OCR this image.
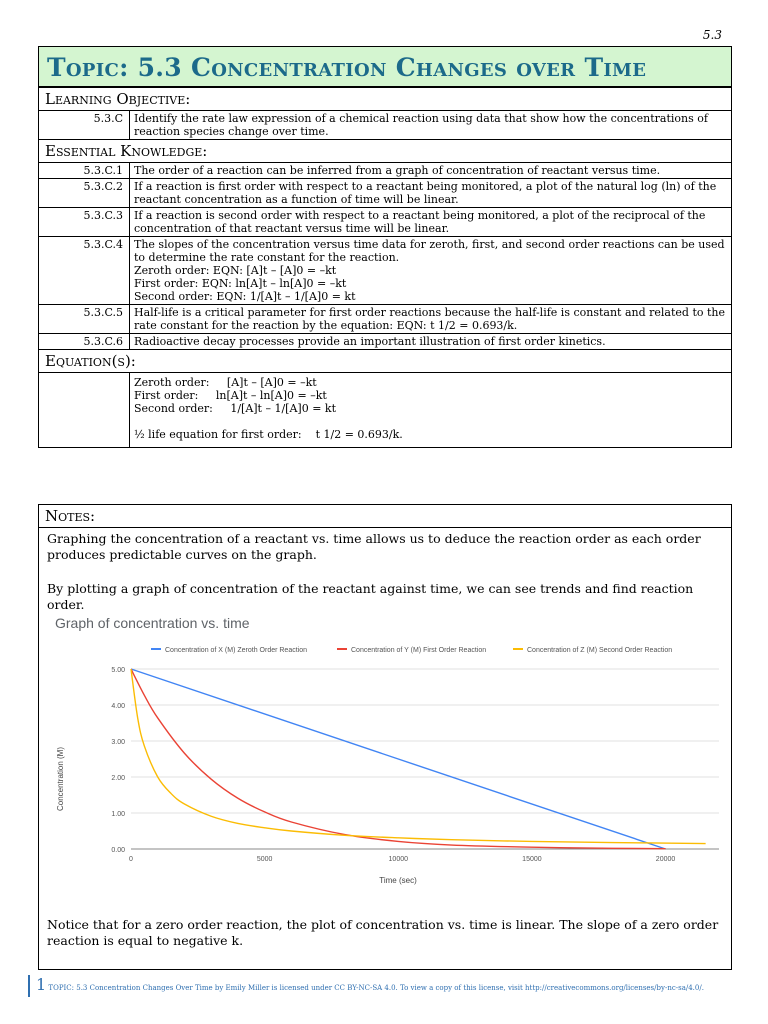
5.3
Topic: 5.3 Concentration Changes over Time
Learning Objective:	
5.3.C	Identify the rate law expression of a chemical reaction using data that show how the concentrations of reaction species change over time.
Essential Knowledge:	
5.3.C.1	The order of a reaction can be inferred from a graph of concentration of reactant versus time.

5.3.C.2	If a reaction is first order with respect to a reactant being monitored, a plot of the natural log (ln) of the reactant concentration as a function of time will be linear.

5.3.C.3	If a reaction is second order with respect to a reactant being monitored, a plot of the reciprocal of the concentration of that reactant versus time will be linear.

5.3.C.4	The slopes of the concentration versus time data for zeroth, first, and second order reactions can be used to determine the rate constant for the reaction.
Zeroth order: EQN: [A]t – [A]0 = –kt
First order: EQN: ln[A]t – ln[A]0 = –kt
Second order: EQN: 1/[A]t – 1/[A]0 = kt

5.3.C.5	Half-life is a critical parameter for first order reactions because the half-life is constant and related to the rate constant for the reaction by the equation: EQN: t 1/2 = 0.693/k.

5.3.C.6	Radioactive decay processes provide an important illustration of first order kinetics.

Equation(s):	

	Zeroth order:     [A]t – [A]0 = –kt
First order:     ln[A]t – ln[A]0 = –kt
Second order:     1/[A]t – 1/[A]0 = kt
½ life equation for first order:    t 1/2 = 0.693/k.
Notes:
Graphing the concentration of a reactant vs. time allows us to deduce the reaction order as each order produces predictable curves on the graph.
By plotting a graph of concentration of the reactant against time, we can see trends and find reaction order.
Graph of concentration vs. time
Concentration of X (M) Zeroth Order Reaction	Concentration of Y (M) First Order Reaction	Concentration of Z (M) Second Order Reaction
0.00
1.00
2.00
3.00
4.00
5.00
0	5000	10000	15000	20000
Time (sec)
Concentration (M)
Notice that for a zero order reaction, the plot of concentration vs. time is linear. The slope of a zero order reaction is equal to negative k.
1 TOPIC: 5.3 Concentration Changes Over Time by Emily Miller is licensed under CC BY-NC-SA 4.0. To view a copy of this license, visit http://creativecommons.org/licenses/by-nc-sa/4.0/.
